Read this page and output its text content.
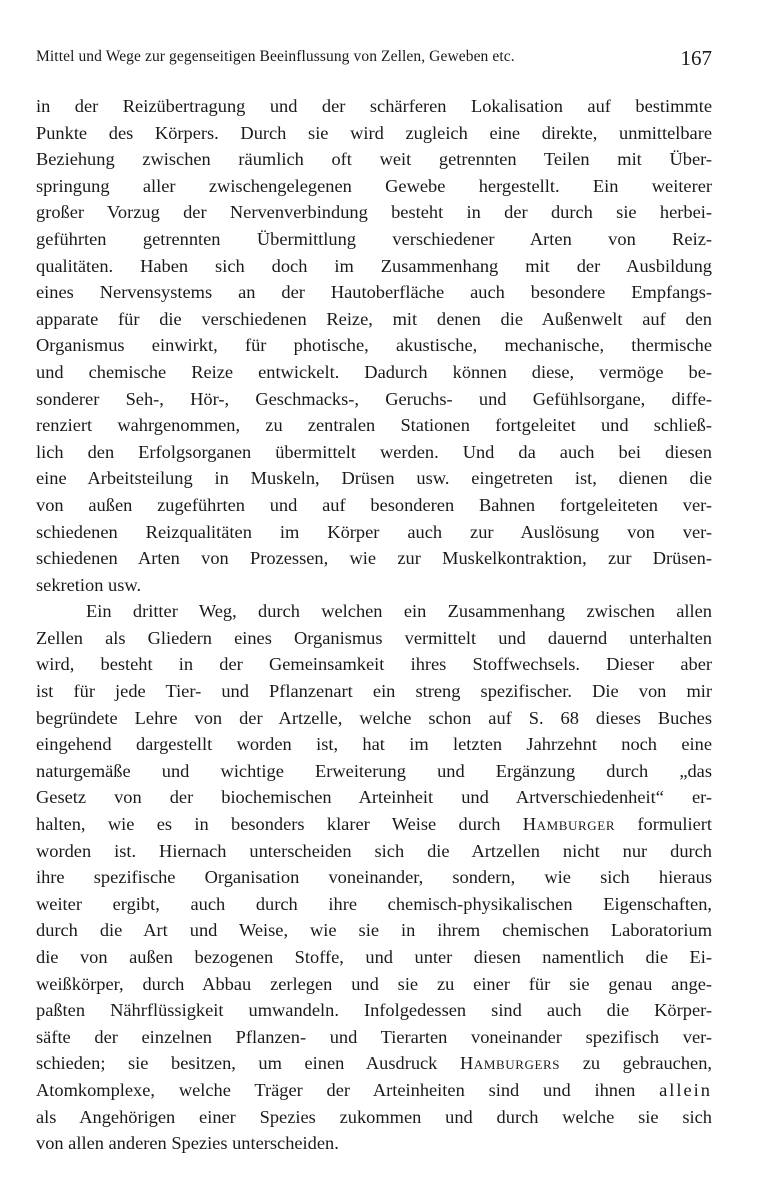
Mittel und Wege zur gegenseitigen Beeinflussung von Zellen, Geweben etc.	167
in der Reizübertragung und der schärferen Lokalisation auf bestimmte
Punkte des Körpers. Durch sie wird zugleich eine direkte, unmittelbare
Beziehung zwischen räumlich oft weit getrennten Teilen mit Über-
springung aller zwischengelegenen Gewebe hergestellt. Ein weiterer
großer Vorzug der Nervenverbindung besteht in der durch sie herbei-
geführten getrennten Übermittlung verschiedener Arten von Reiz-
qualitäten. Haben sich doch im Zusammenhang mit der Ausbildung
eines Nervensystems an der Hautoberfläche auch besondere Empfangs-
apparate für die verschiedenen Reize, mit denen die Außenwelt auf den
Organismus einwirkt, für photische, akustische, mechanische, thermische
und chemische Reize entwickelt. Dadurch können diese, vermöge be-
sonderer Seh-, Hör-, Geschmacks-, Geruchs- und Gefühlsorgane, diffe-
renziert wahrgenommen, zu zentralen Stationen fortgeleitet und schließ-
lich den Erfolgsorganen übermittelt werden. Und da auch bei diesen
eine Arbeitsteilung in Muskeln, Drüsen usw. eingetreten ist, dienen die
von außen zugeführten und auf besonderen Bahnen fortgeleiteten ver-
schiedenen Reizqualitäten im Körper auch zur Auslösung von ver-
schiedenen Arten von Prozessen, wie zur Muskelkontraktion, zur Drüsen-
sekretion usw.
Ein dritter Weg, durch welchen ein Zusammenhang zwischen allen
Zellen als Gliedern eines Organismus vermittelt und dauernd unterhalten
wird, besteht in der Gemeinsamkeit ihres Stoffwechsels. Dieser aber
ist für jede Tier- und Pflanzenart ein streng spezifischer. Die von mir
begründete Lehre von der Artzelle, welche schon auf S. 68 dieses Buches
eingehend dargestellt worden ist, hat im letzten Jahrzehnt noch eine
naturgemäße und wichtige Erweiterung und Ergänzung durch „das
Gesetz von der biochemischen Arteinheit und Artverschiedenheit“ er-
halten, wie es in besonders klarer Weise durch Hamburger formuliert
worden ist. Hiernach unterscheiden sich die Artzellen nicht nur durch
ihre spezifische Organisation voneinander, sondern, wie sich hieraus
weiter ergibt, auch durch ihre chemisch-physikalischen Eigenschaften,
durch die Art und Weise, wie sie in ihrem chemischen Laboratorium
die von außen bezogenen Stoffe, und unter diesen namentlich die Ei-
weißkörper, durch Abbau zerlegen und sie zu einer für sie genau ange-
paßten Nährflüssigkeit umwandeln. Infolgedessen sind auch die Körper-
säfte der einzelnen Pflanzen- und Tierarten voneinander spezifisch ver-
schieden; sie besitzen, um einen Ausdruck Hamburgers zu gebrauchen,
Atomkomplexe, welche Träger der Arteinheiten sind und ihnen allein
als Angehörigen einer Spezies zukommen und durch welche sie sich
von allen anderen Spezies unterscheiden.
